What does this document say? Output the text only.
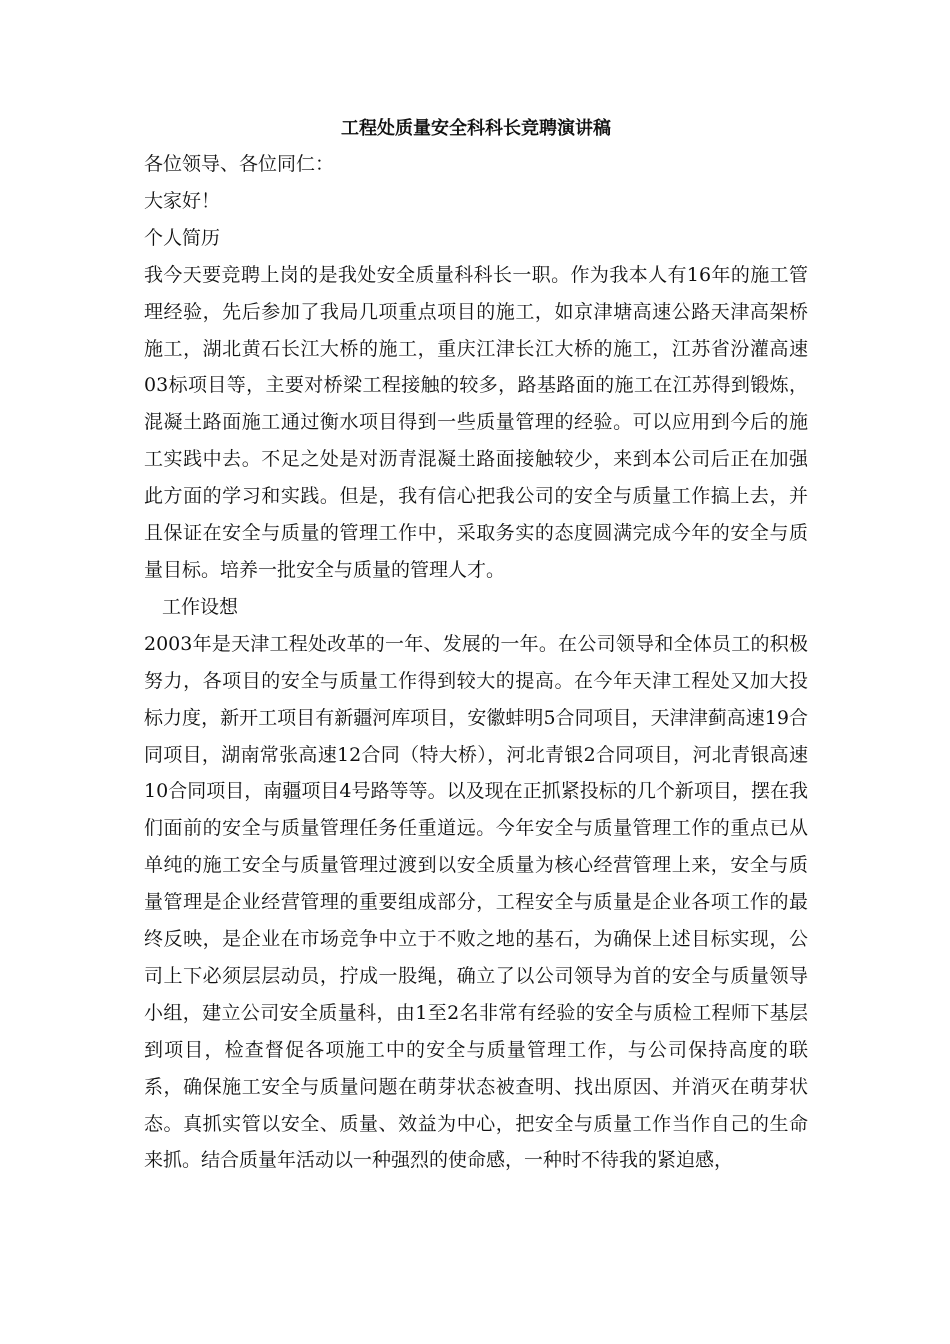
工程处质量安全科科长竞聘演讲稿

各位领导、各位同仁：

大家好！

个人简历

我今天要竞聘上岗的是我处安全质量科科长一职。作为我本人有16年的施工管理经验，先后参加了我局几项重点项目的施工，如京津塘高速公路天津高架桥施工，湖北黄石长江大桥的施工，重庆江津长江大桥的施工，江苏省汾灌高速03标项目等，主要对桥梁工程接触的较多，路基路面的施工在江苏得到锻炼，混凝土路面施工通过衡水项目得到一些质量管理的经验。可以应用到今后的施工实践中去。不足之处是对沥青混凝土路面接触较少，来到本公司后正在加强此方面的学习和实践。但是，我有信心把我公司的安全与质量工作搞上去，并且保证在安全与质量的管理工作中，采取务实的态度圆满完成今年的安全与质量目标。培养一批安全与质量的管理人才。

工作设想

2003年是天津工程处改革的一年、发展的一年。在公司领导和全体员工的积极努力，各项目的安全与质量工作得到较大的提高。在今年天津工程处又加大投标力度，新开工项目有新疆河库项目，安徽蚌明5合同项目，天津津蓟高速19合同项目，湖南常张高速12合同（特大桥），河北青银2合同项目，河北青银高速10合同项目，南疆项目4号路等等。以及现在正抓紧投标的几个新项目，摆在我们面前的安全与质量管理任务任重道远。今年安全与质量管理工作的重点已从单纯的施工安全与质量管理过渡到以安全质量为核心经营管理上来，安全与质量管理是企业经营管理的重要组成部分，工程安全与质量是企业各项工作的最终反映，是企业在市场竞争中立于不败之地的基石，为确保上述目标实现，公司上下必须层层动员，拧成一股绳，确立了以公司领导为首的安全与质量领导小组，建立公司安全质量科，由1至2名非常有经验的安全与质检工程师下基层到项目，检查督促各项施工中的安全与质量管理工作，与公司保持高度的联系，确保施工安全与质量问题在萌芽状态被查明、找出原因、并消灭在萌芽状态。真抓实管以安全、质量、效益为中心，把安全与质量工作当作自己的生命来抓。结合质量年活动以一种强烈的使命感，一种时不待我的紧迫感，
